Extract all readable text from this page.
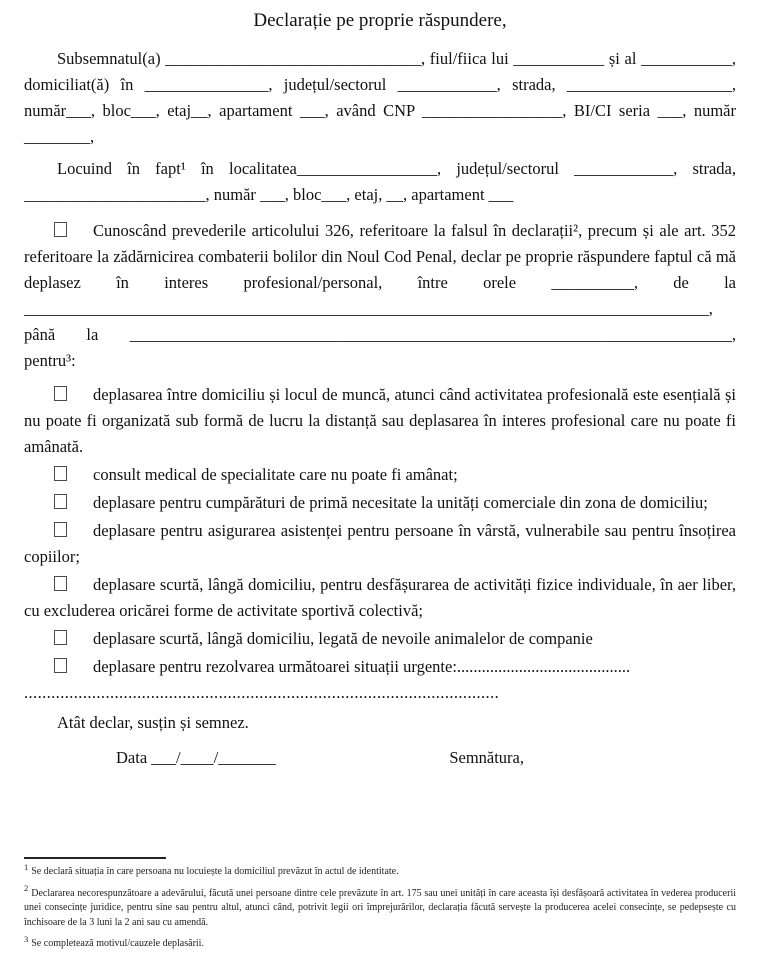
Declarație pe proprie răspundere,

Subsemnatul(a) _______________________________, fiul/fiica lui ___________ și al ___________, domiciliat(ă) în _______________, județul/sectorul ____________, strada, ____________________, număr___, bloc___, etaj__, apartament ___, având CNP _________________, BI/CI seria ___, număr ________,

Locuind în fapt¹ în localitatea_________________, județul/sectorul ____________, strada, ______________________, număr ___, bloc___, etaj, __, apartament ___

Cunoscând prevederile articolului 326, referitoare la falsul în declarații², precum și ale art. 352 referitoare la zădărnicirea combaterii bolilor din Noul Cod Penal, declar pe proprie răspundere faptul că mă deplasez în interes profesional/personal, între orele __________, de la ___________________________________________________________________________________, până la _________________________________________________________________________, pentru³:

deplasarea între domiciliu și locul de muncă, atunci când activitatea profesională este esențială și nu poate fi organizată sub formă de lucru la distanță sau deplasarea în interes profesional care nu poate fi amânată.

consult medical de specialitate care nu poate fi amânat;

deplasare pentru cumpărături de primă necesitate la unități comerciale din zona de domiciliu;

deplasare pentru asigurarea asistenței pentru persoane în vârstă, vulnerabile sau pentru însoțirea copiilor;

deplasare scurtă, lângă domiciliu, pentru desfășurarea de activități fizice individuale, în aer liber, cu excluderea oricărei forme de activitate sportivă colectivă;

deplasare scurtă, lângă domiciliu, legată de nevoile animalelor de companie

deplasare pentru rezolvarea următoarei situații urgente:..........................................

.........................................................................................................

Atât declar, susțin și semnez.

Data ___/____/_______	Semnătura,

$^1$ Se declară situația în care persoana nu locuiește la domiciliul prevăzut în actul de identitate.

$^2$ Declararea necorespunzătoare a adevărului, făcută unei persoane dintre cele prevăzute în art. 175 sau unei unități în care aceasta își desfășoară activitatea în vederea producerii unei consecințe juridice, pentru sine sau pentru altul, atunci când, potrivit legii ori împrejurărilor, declarația făcută servește la producerea acelei consecințe, se pedepsește cu închisoare de la 3 luni la 2 ani sau cu amendă.

$^3$ Se completează motivul/cauzele deplasării.
